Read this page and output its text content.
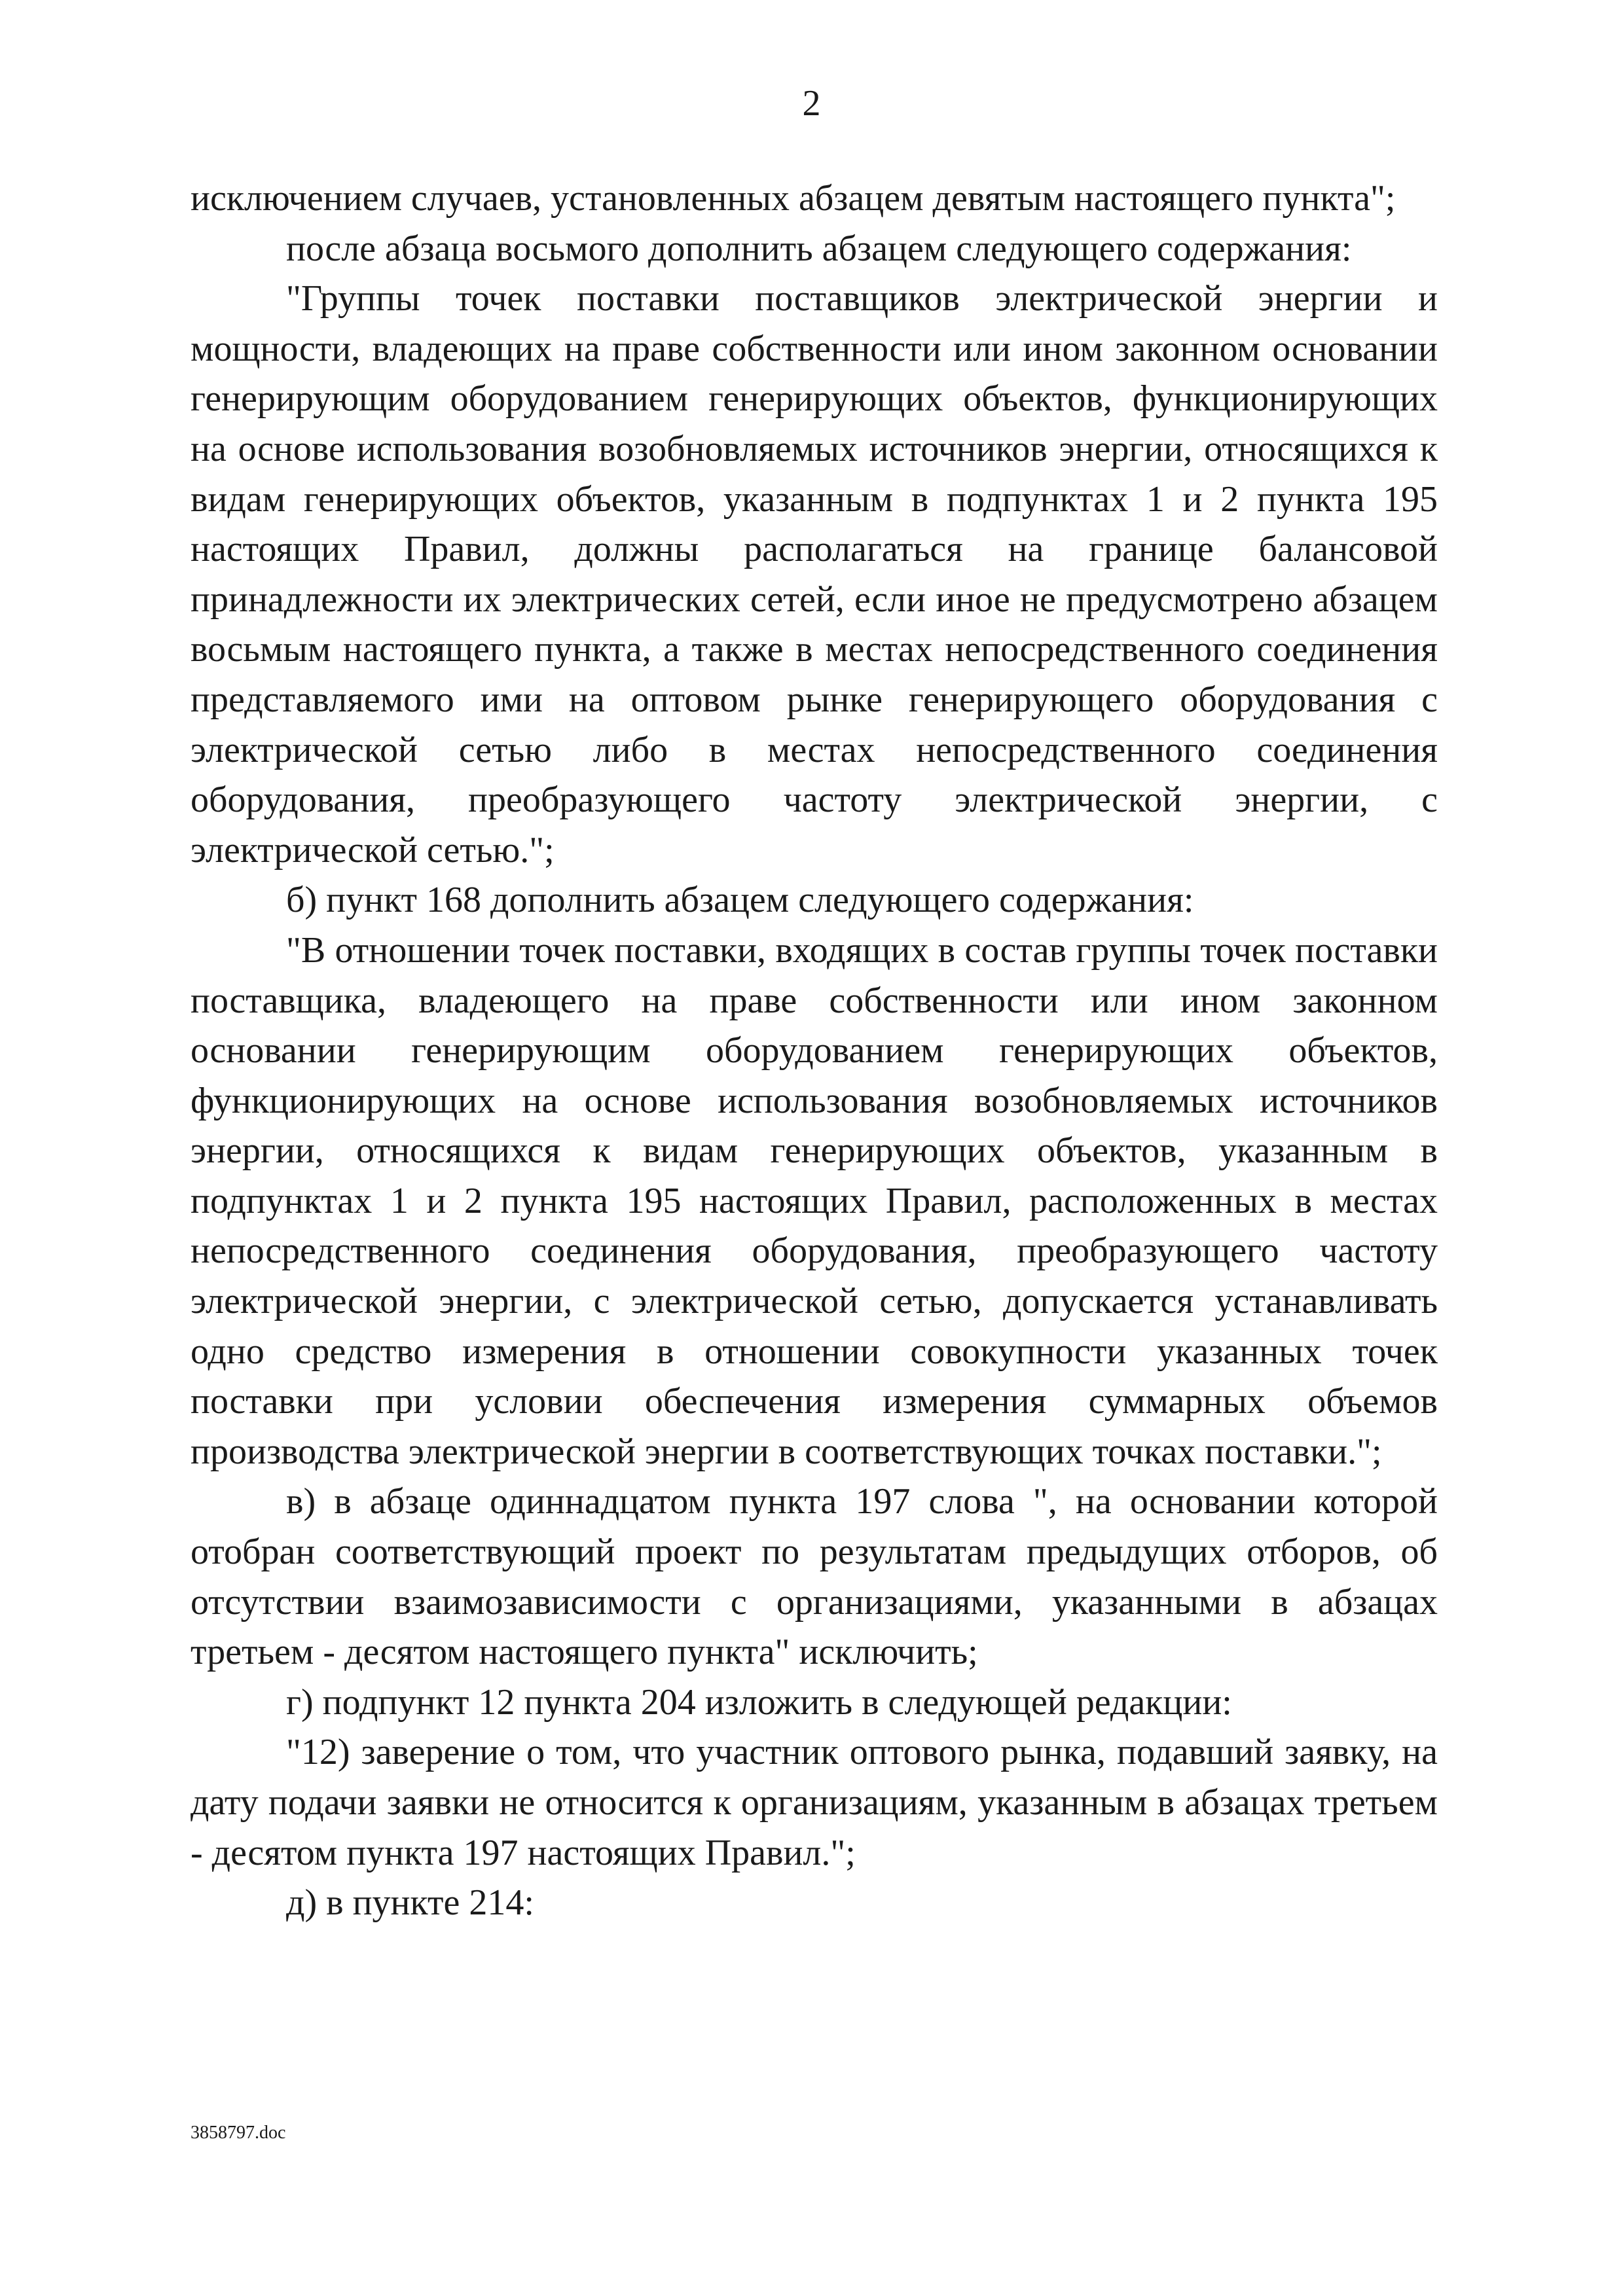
2

исключением случаев, установленных абзацем девятым настоящего пункта";

после абзаца восьмого дополнить абзацем следующего содержания:

"Группы точек поставки поставщиков электрической энергии и мощности, владеющих на праве собственности или ином законном основании генерирующим оборудованием генерирующих объектов, функционирующих на основе использования возобновляемых источников энергии, относящихся к видам генерирующих объектов, указанным в подпунктах 1 и 2 пункта 195 настоящих Правил, должны располагаться на границе балансовой принадлежности их электрических сетей, если иное не предусмотрено абзацем восьмым настоящего пункта, а также в местах непосредственного соединения представляемого ими на оптовом рынке генерирующего оборудования с электрической сетью либо в местах непосредственного соединения оборудования, преобразующего частоту электрической энергии, с электрической сетью.";

б) пункт 168 дополнить абзацем следующего содержания:

"В отношении точек поставки, входящих в состав группы точек поставки поставщика, владеющего на праве собственности или ином законном основании генерирующим оборудованием генерирующих объектов, функционирующих на основе использования возобновляемых источников энергии, относящихся к видам генерирующих объектов, указанным в подпунктах 1 и 2 пункта 195 настоящих Правил, расположенных в местах непосредственного соединения оборудования, преобразующего частоту электрической энергии, с электрической сетью, допускается устанавливать одно средство измерения в отношении совокупности указанных точек поставки при условии обеспечения измерения суммарных объемов производства электрической энергии в соответствующих точках поставки.";

в) в абзаце одиннадцатом пункта 197 слова ", на основании которой отобран соответствующий проект по результатам предыдущих отборов, об отсутствии взаимозависимости с организациями, указанными в абзацах третьем - десятом настоящего пункта" исключить;

г) подпункт 12 пункта 204 изложить в следующей редакции:

"12) заверение о том, что участник оптового рынка, подавший заявку, на дату подачи заявки не относится к организациям, указанным в абзацах третьем - десятом пункта 197 настоящих Правил.";

д) в пункте 214:

3858797.doc
